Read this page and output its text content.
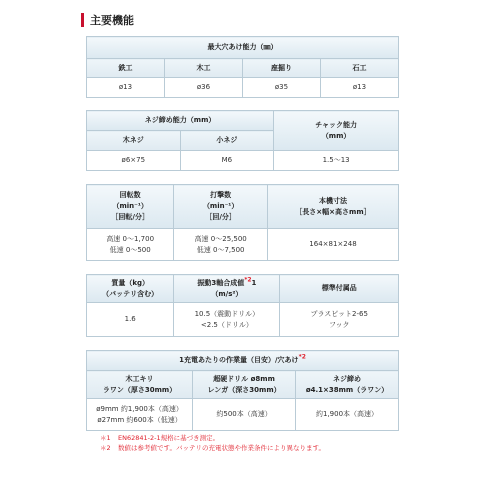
主要機能
最大穴あけ能力（㎜）			
鉄工	木工	座掘り	石工
ø13	ø36	ø35	ø13
ネジ締め能力（mm）		チャック能力
（mm）

木ネジ	小ネジ	
ø6×75	M6	1.5～13
回転数
（min⁻¹）
［回転/分］	打撃数
（min⁻¹）
［回/分］	本機寸法
［長さ×幅×高さmm］

高速 0～1,700
低速 0～500	高速 0～25,500
低速 0～7,500	164×81×248
質量（kg）
（バッテリ含む）	振動3軸合成値$^{*2}$1
（m/s²）	標準付属品
1.6	10.5（震動ドリル）
<2.5（ドリル）	プラスビット2-65
フック
1充電あたりの作業量（目安）/穴あけ$^{*2}$

木工キリ
ラワン（厚さ30mm）	超硬ドリル ø8mm
レンガ（深さ30mm）	ネジ締め
ø4.1×38mm（ラワン）

ø9mm 約1,900本（高速）
ø27mm 約600本（低速）	約500本（高速）	約1,900本（高速）
＊1	EN62841-2-1規格に基づき測定。
＊2	数値は参考値です。バッテリの充電状態や作業条件により異なります。
